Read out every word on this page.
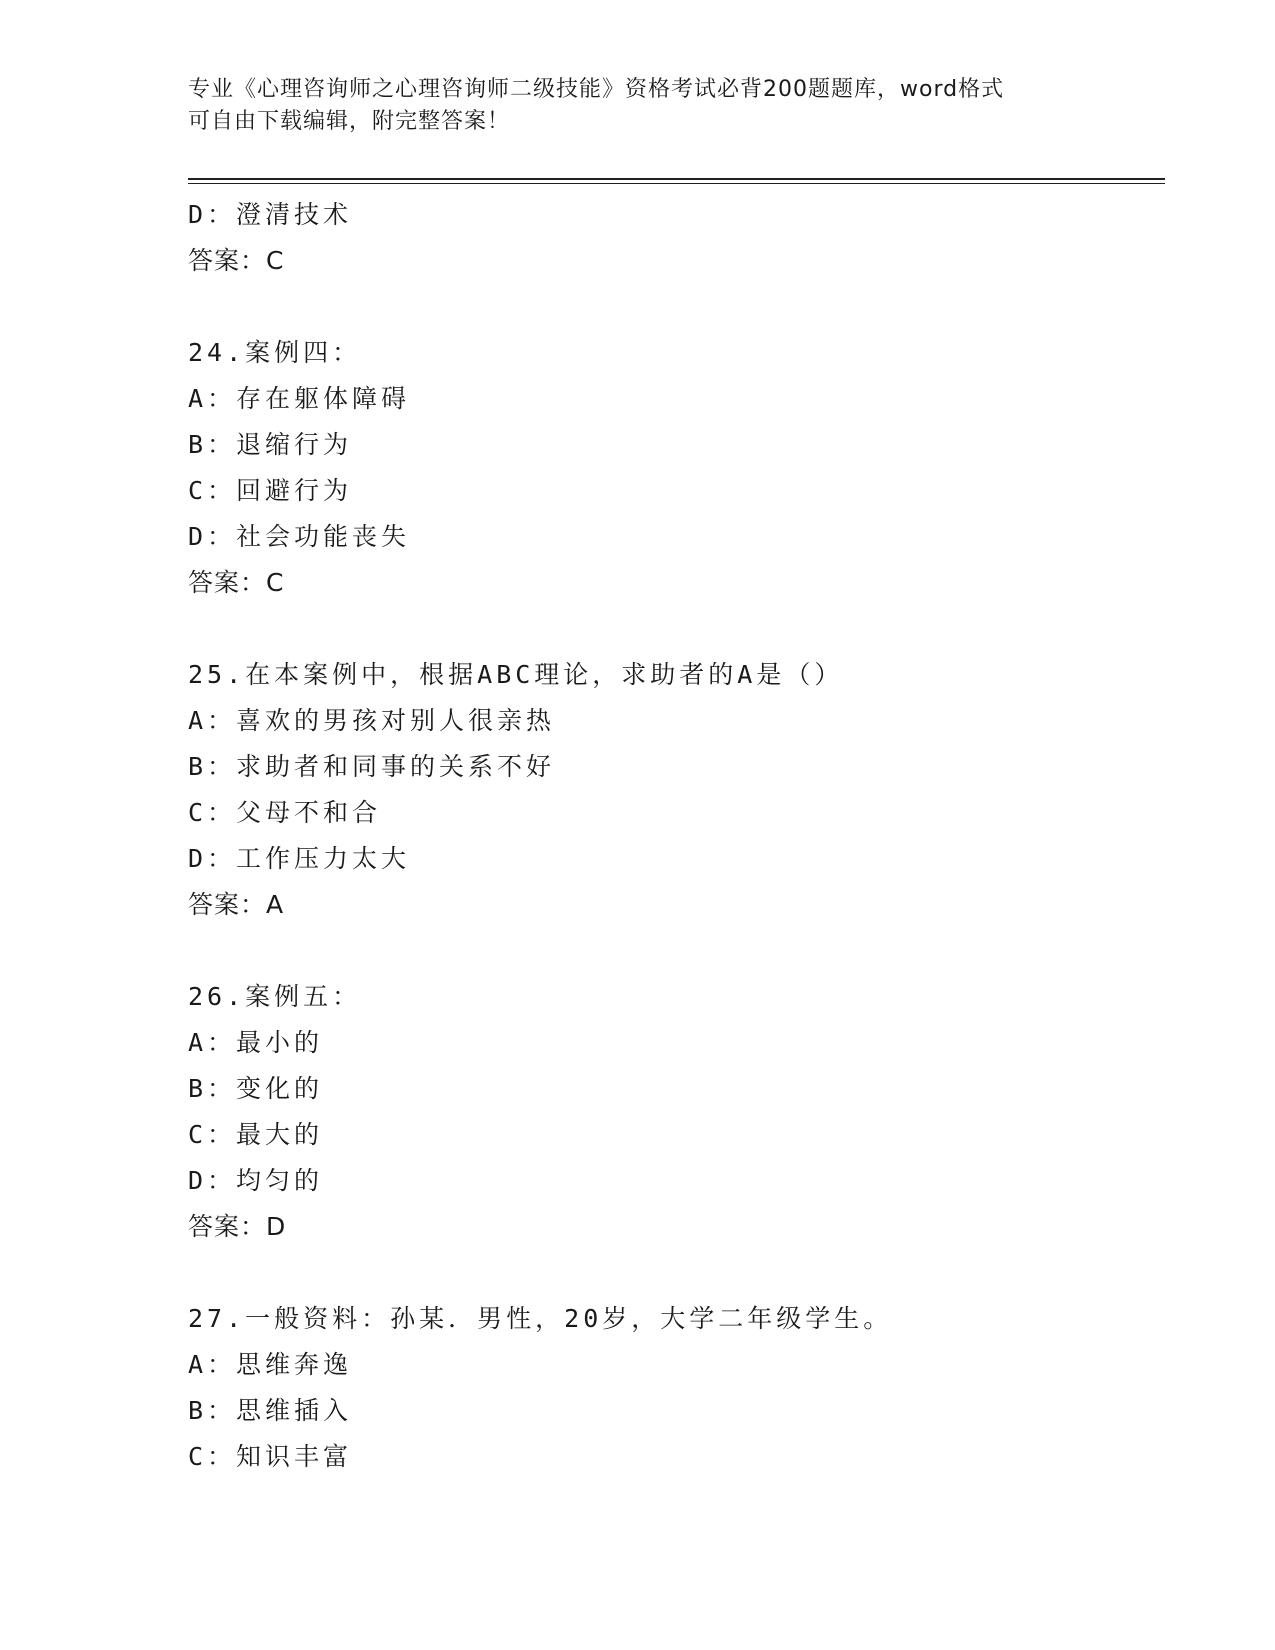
专业《心理咨询师之心理咨询师二级技能》资格考试必背200题题库，word格式
可自由下载编辑，附完整答案！
D：澄清技术
答案：C
24.案例四：
A：存在躯体障碍
B：退缩行为
C：回避行为
D：社会功能丧失
答案：C
25.在本案例中，根据ABC理论，求助者的A是（）
A：喜欢的男孩对别人很亲热
B：求助者和同事的关系不好
C：父母不和合
D：工作压力太大
答案：A
26.案例五：
A：最小的
B：变化的
C：最大的
D：均匀的
答案：D
27.一般资料：孙某．男性，20岁，大学二年级学生。
A：思维奔逸
B：思维插入
C：知识丰富
